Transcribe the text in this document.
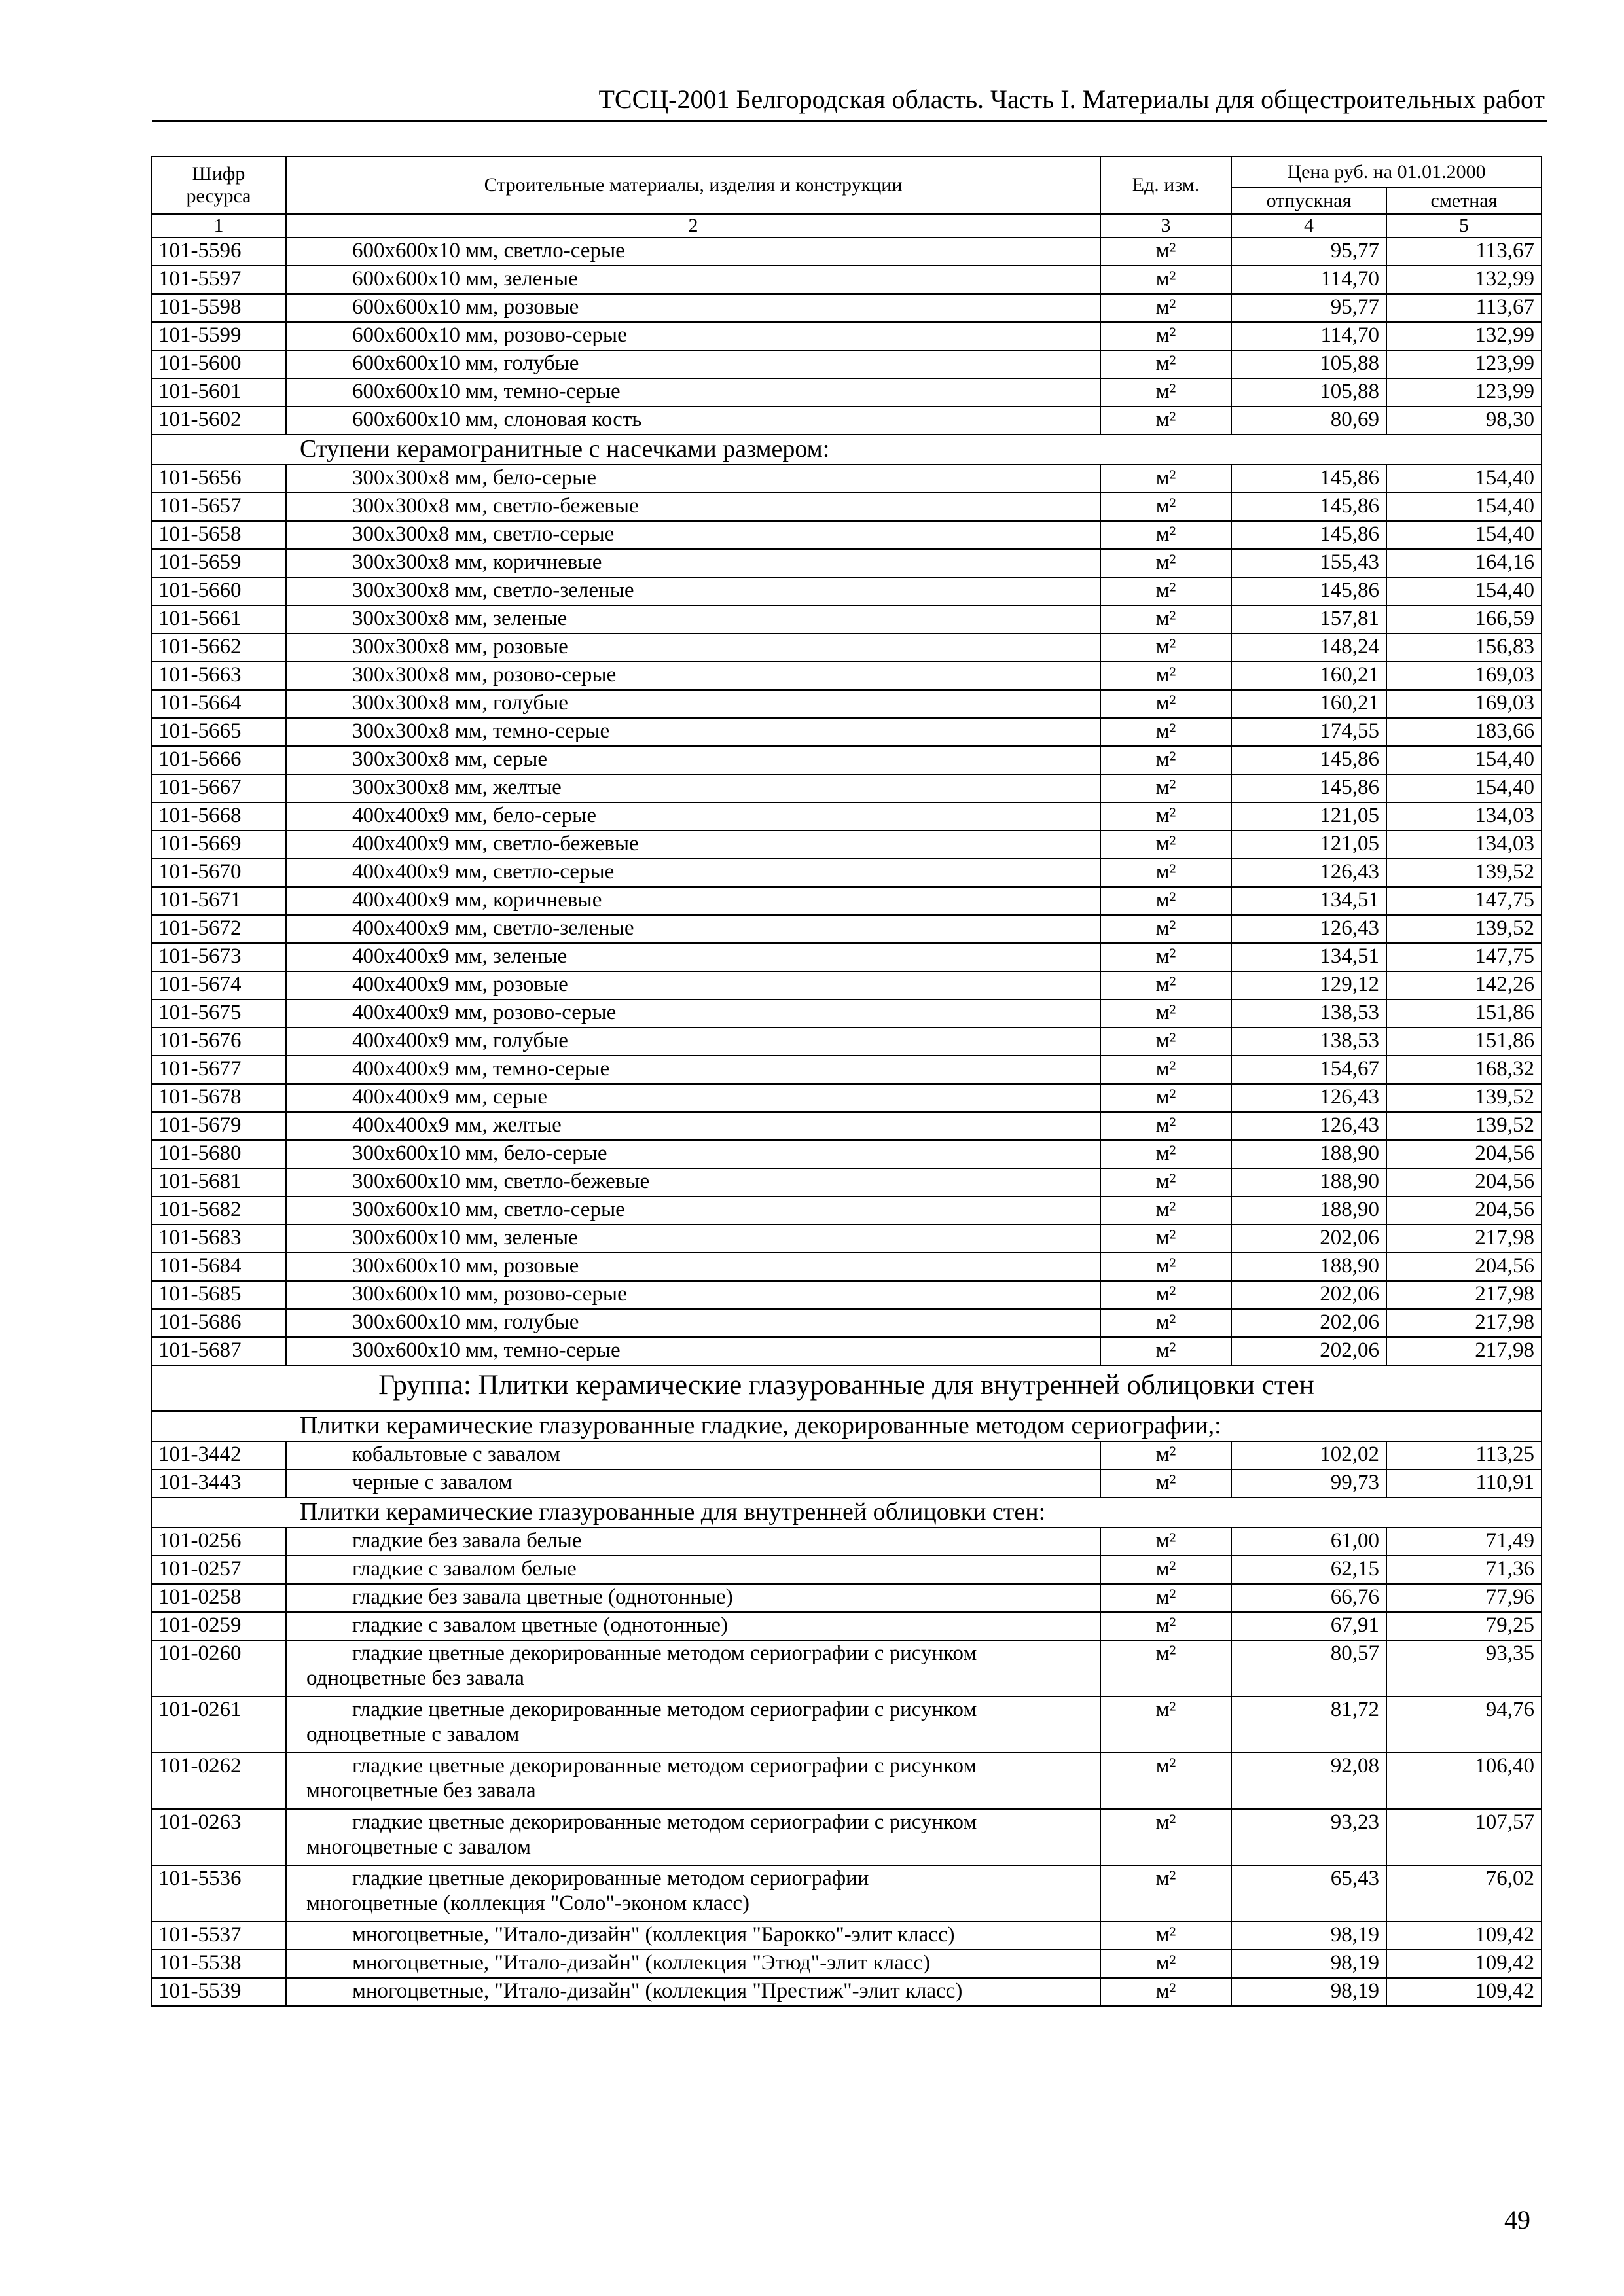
ТССЦ-2001 Белгородская область. Часть I. Материалы для общестроительных работ
Шифр ресурса	Строительные материалы, изделия и конструкции	Ед. изм.	Цена руб. на 01.01.2000	
			отпускная	сметная
1	2	3	4	5
101-5596	600x600x10 мм, светло-серые	м²	95,77	113,67
101-5597	600x600x10 мм, зеленые	м²	114,70	132,99
101-5598	600x600x10 мм, розовые	м²	95,77	113,67
101-5599	600x600x10 мм, розово-серые	м²	114,70	132,99
101-5600	600x600x10 мм, голубые	м²	105,88	123,99
101-5601	600x600x10 мм, темно-серые	м²	105,88	123,99
101-5602	600x600x10 мм, слоновая кость	м²	80,69	98,30
Ступени керамогранитные с насечками размером:				
101-5656	300x300x8 мм, бело-серые	м²	145,86	154,40
101-5657	300x300x8 мм, светло-бежевые	м²	145,86	154,40
101-5658	300x300x8 мм, светло-серые	м²	145,86	154,40
101-5659	300x300x8 мм, коричневые	м²	155,43	164,16
101-5660	300x300x8 мм, светло-зеленые	м²	145,86	154,40
101-5661	300x300x8 мм, зеленые	м²	157,81	166,59
101-5662	300x300x8 мм, розовые	м²	148,24	156,83
101-5663	300x300x8 мм, розово-серые	м²	160,21	169,03
101-5664	300x300x8 мм, голубые	м²	160,21	169,03
101-5665	300x300x8 мм, темно-серые	м²	174,55	183,66
101-5666	300x300x8 мм, серые	м²	145,86	154,40
101-5667	300x300x8 мм, желтые	м²	145,86	154,40
101-5668	400x400x9 мм, бело-серые	м²	121,05	134,03
101-5669	400x400x9 мм, светло-бежевые	м²	121,05	134,03
101-5670	400x400x9 мм, светло-серые	м²	126,43	139,52
101-5671	400x400x9 мм, коричневые	м²	134,51	147,75
101-5672	400x400x9 мм, светло-зеленые	м²	126,43	139,52
101-5673	400x400x9 мм, зеленые	м²	134,51	147,75
101-5674	400x400x9 мм, розовые	м²	129,12	142,26
101-5675	400x400x9 мм, розово-серые	м²	138,53	151,86
101-5676	400x400x9 мм, голубые	м²	138,53	151,86
101-5677	400x400x9 мм, темно-серые	м²	154,67	168,32
101-5678	400x400x9 мм, серые	м²	126,43	139,52
101-5679	400x400x9 мм, желтые	м²	126,43	139,52
101-5680	300x600x10 мм, бело-серые	м²	188,90	204,56
101-5681	300x600x10 мм, светло-бежевые	м²	188,90	204,56
101-5682	300x600x10 мм, светло-серые	м²	188,90	204,56
101-5683	300x600x10 мм, зеленые	м²	202,06	217,98
101-5684	300x600x10 мм, розовые	м²	188,90	204,56
101-5685	300x600x10 мм, розово-серые	м²	202,06	217,98
101-5686	300x600x10 мм, голубые	м²	202,06	217,98
101-5687	300x600x10 мм, темно-серые	м²	202,06	217,98
Группа: Плитки керамические глазурованные для внутренней облицовки стен				
Плитки керамические глазурованные гладкие, декорированные методом сериографии,:				
101-3442	кобальтовые с завалом	м²	102,02	113,25
101-3443	черные с завалом	м²	99,73	110,91
Плитки керамические глазурованные для внутренней облицовки стен:				
101-0256	гладкие без завала белые	м²	61,00	71,49
101-0257	гладкие с завалом белые	м²	62,15	71,36
101-0258	гладкие без завала цветные (однотонные)	м²	66,76	77,96
101-0259	гладкие с завалом цветные (однотонные)	м²	67,91	79,25
101-0260	гладкие цветные декорированные методом сериографии с рисунком
одноцветные без завала	м²	80,57	93,35
101-0261	гладкие цветные декорированные методом сериографии с рисунком
одноцветные с завалом	м²	81,72	94,76
101-0262	гладкие цветные декорированные методом сериографии с рисунком
многоцветные без завала	м²	92,08	106,40
101-0263	гладкие цветные декорированные методом сериографии с рисунком
многоцветные с завалом	м²	93,23	107,57
101-5536	гладкие цветные декорированные методом сериографии
многоцветные (коллекция "Соло"-эконом класс)	м²	65,43	76,02
101-5537	многоцветные, "Итало-дизайн" (коллекция "Барокко"-элит класс)	м²	98,19	109,42
101-5538	многоцветные, "Итало-дизайн" (коллекция "Этюд"-элит класс)	м²	98,19	109,42
101-5539	многоцветные, "Итало-дизайн" (коллекция "Престиж"-элит класс)	м²	98,19	109,42
49
